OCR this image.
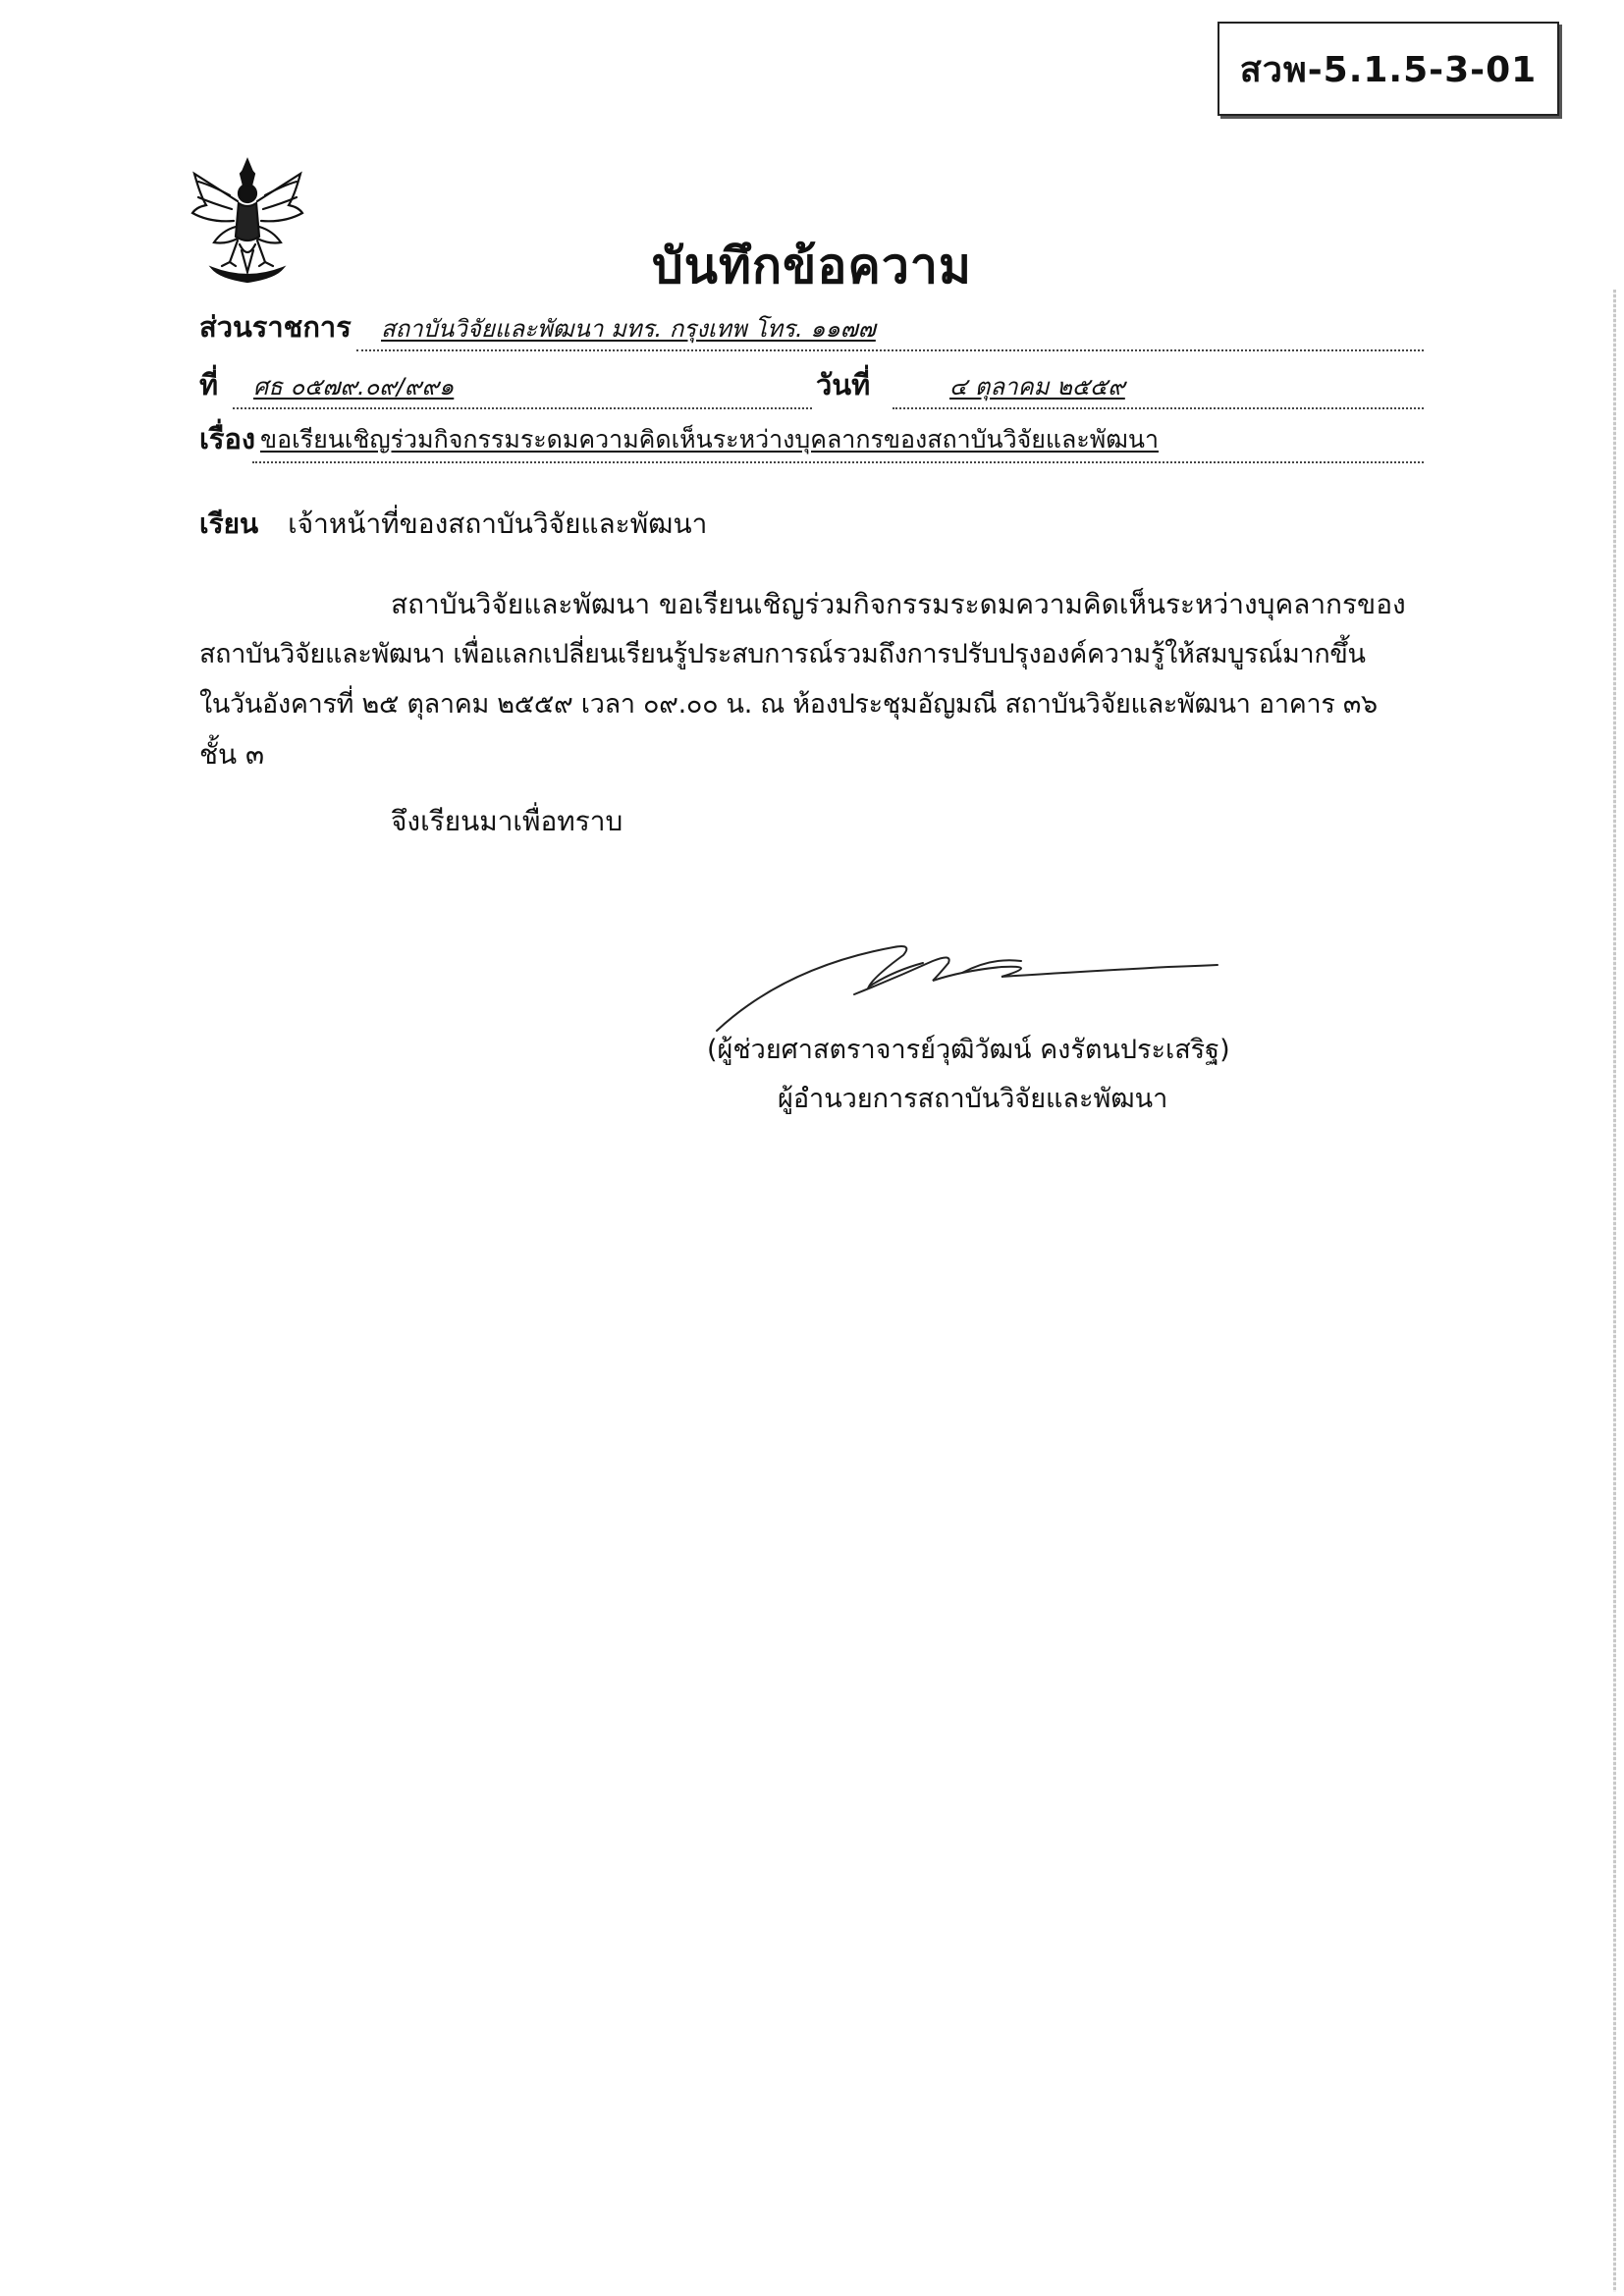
สวพ-5.1.5-3-01
บันทึกข้อความ
ส่วนราชการ สถาบันวิจัยและพัฒนา มทร. กรุงเทพ โทร. ๑๑๗๗
ที่ ศธ ๐๕๗๙.๐๙/๙๙๑	วันที่	๔ ตุลาคม ๒๕๕๙
เรื่อง ขอเรียนเชิญร่วมกิจกรรมระดมความคิดเห็นระหว่างบุคลากรของสถาบันวิจัยและพัฒนา
เรียน เจ้าหน้าที่ของสถาบันวิจัยและพัฒนา

สถาบันวิจัยและพัฒนา ขอเรียนเชิญร่วมกิจกรรมระดมความคิดเห็นระหว่างบุคลากรของ

สถาบันวิจัยและพัฒนา เพื่อแลกเปลี่ยนเรียนรู้ประสบการณ์รวมถึงการปรับปรุงองค์ความรู้ให้สมบูรณ์มากขึ้น

ในวันอังคารที่ ๒๕ ตุลาคม ๒๕๕๙ เวลา ๐๙.๐๐ น. ณ ห้องประชุมอัญมณี สถาบันวิจัยและพัฒนา อาคาร ๓๖

ชั้น ๓

จึงเรียนมาเพื่อทราบ
(ผู้ช่วยศาสตราจารย์วุฒิวัฒน์ คงรัตนประเสริฐ)
ผู้อำนวยการสถาบันวิจัยและพัฒนา
